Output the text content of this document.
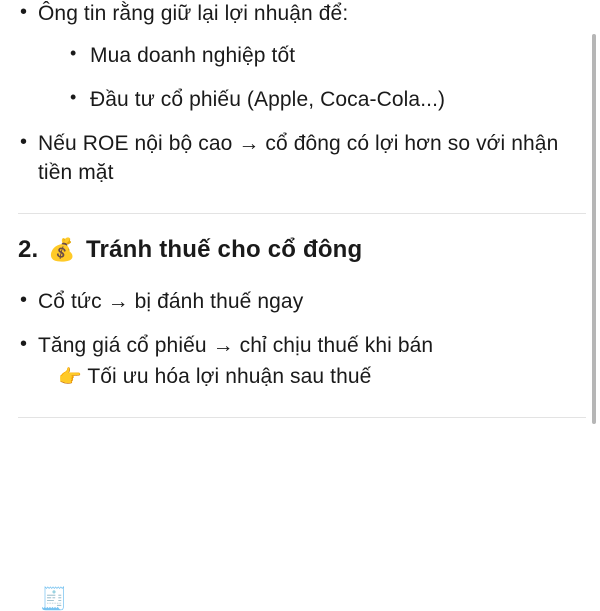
• Ông tin rằng giữ lại lợi nhuận để:
• Mua doanh nghiệp tốt
• Đầu tư cổ phiếu (Apple, Coca-Cola...)
• Nếu ROE nội bộ cao → cổ đông có lợi hơn so với nhận tiền mặt
2. 💰 Tránh thuế cho cổ đông
• Cổ tức → bị đánh thuế ngay
• Tăng giá cổ phiếu → chỉ chịu thuế khi bán
👉 Tối ưu hóa lợi nhuận sau thuế
🧾
